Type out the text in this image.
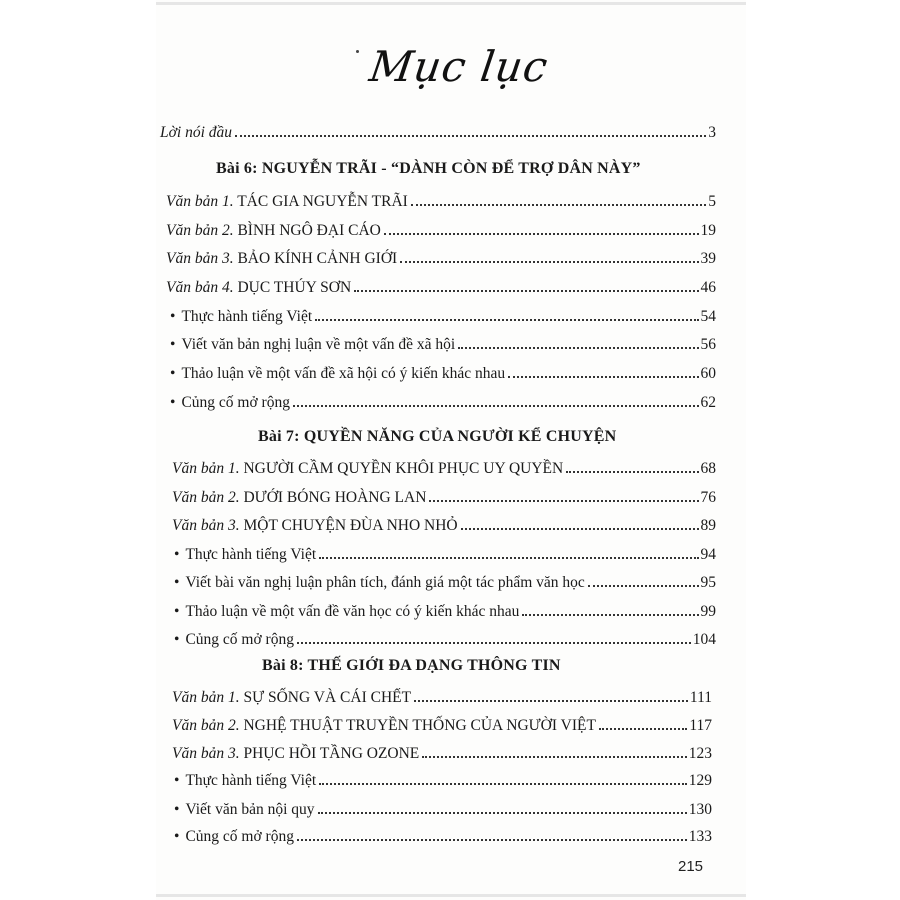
Mục lục
Lời nói đầu	3
Bài 6: NGUYỄN TRÃI - “DÀNH CÒN ĐỂ TRỢ DÂN NÀY”
Văn bản 1. TÁC GIA NGUYỄN TRÃI	5
Văn bản 2. BÌNH NGÔ ĐẠI CÁO	19
Văn bản 3. BẢO KÍNH CẢNH GIỚI	39
Văn bản 4. DỤC THÚY SƠN	46
• Thực hành tiếng Việt	54
• Viết văn bản nghị luận về một vấn đề xã hội	56
• Thảo luận về một vấn đề xã hội có ý kiến khác nhau	60
• Củng cố mở rộng	62
Bài 7: QUYỀN NĂNG CỦA NGƯỜI KỂ CHUYỆN
Văn bản 1. NGƯỜI CẦM QUYỀN KHÔI PHỤC UY QUYỀN	68
Văn bản 2. DƯỚI BÓNG HOÀNG LAN	76
Văn bản 3. MỘT CHUYỆN ĐÙA NHO NHỎ	89
• Thực hành tiếng Việt	94
• Viết bài văn nghị luận phân tích, đánh giá một tác phẩm văn học	95
• Thảo luận về một vấn đề văn học có ý kiến khác nhau	99
• Củng cố mở rộng	104
Bài 8: THẾ GIỚI ĐA DẠNG THÔNG TIN
Văn bản 1. SỰ SỐNG VÀ CÁI CHẾT	111
Văn bản 2. NGHỆ THUẬT TRUYỀN THỐNG CỦA NGƯỜI VIỆT	117
Văn bản 3. PHỤC HỒI TẦNG OZONE	123
• Thực hành tiếng Việt	129
• Viết văn bản nội quy	130
• Củng cố mở rộng	133
215
